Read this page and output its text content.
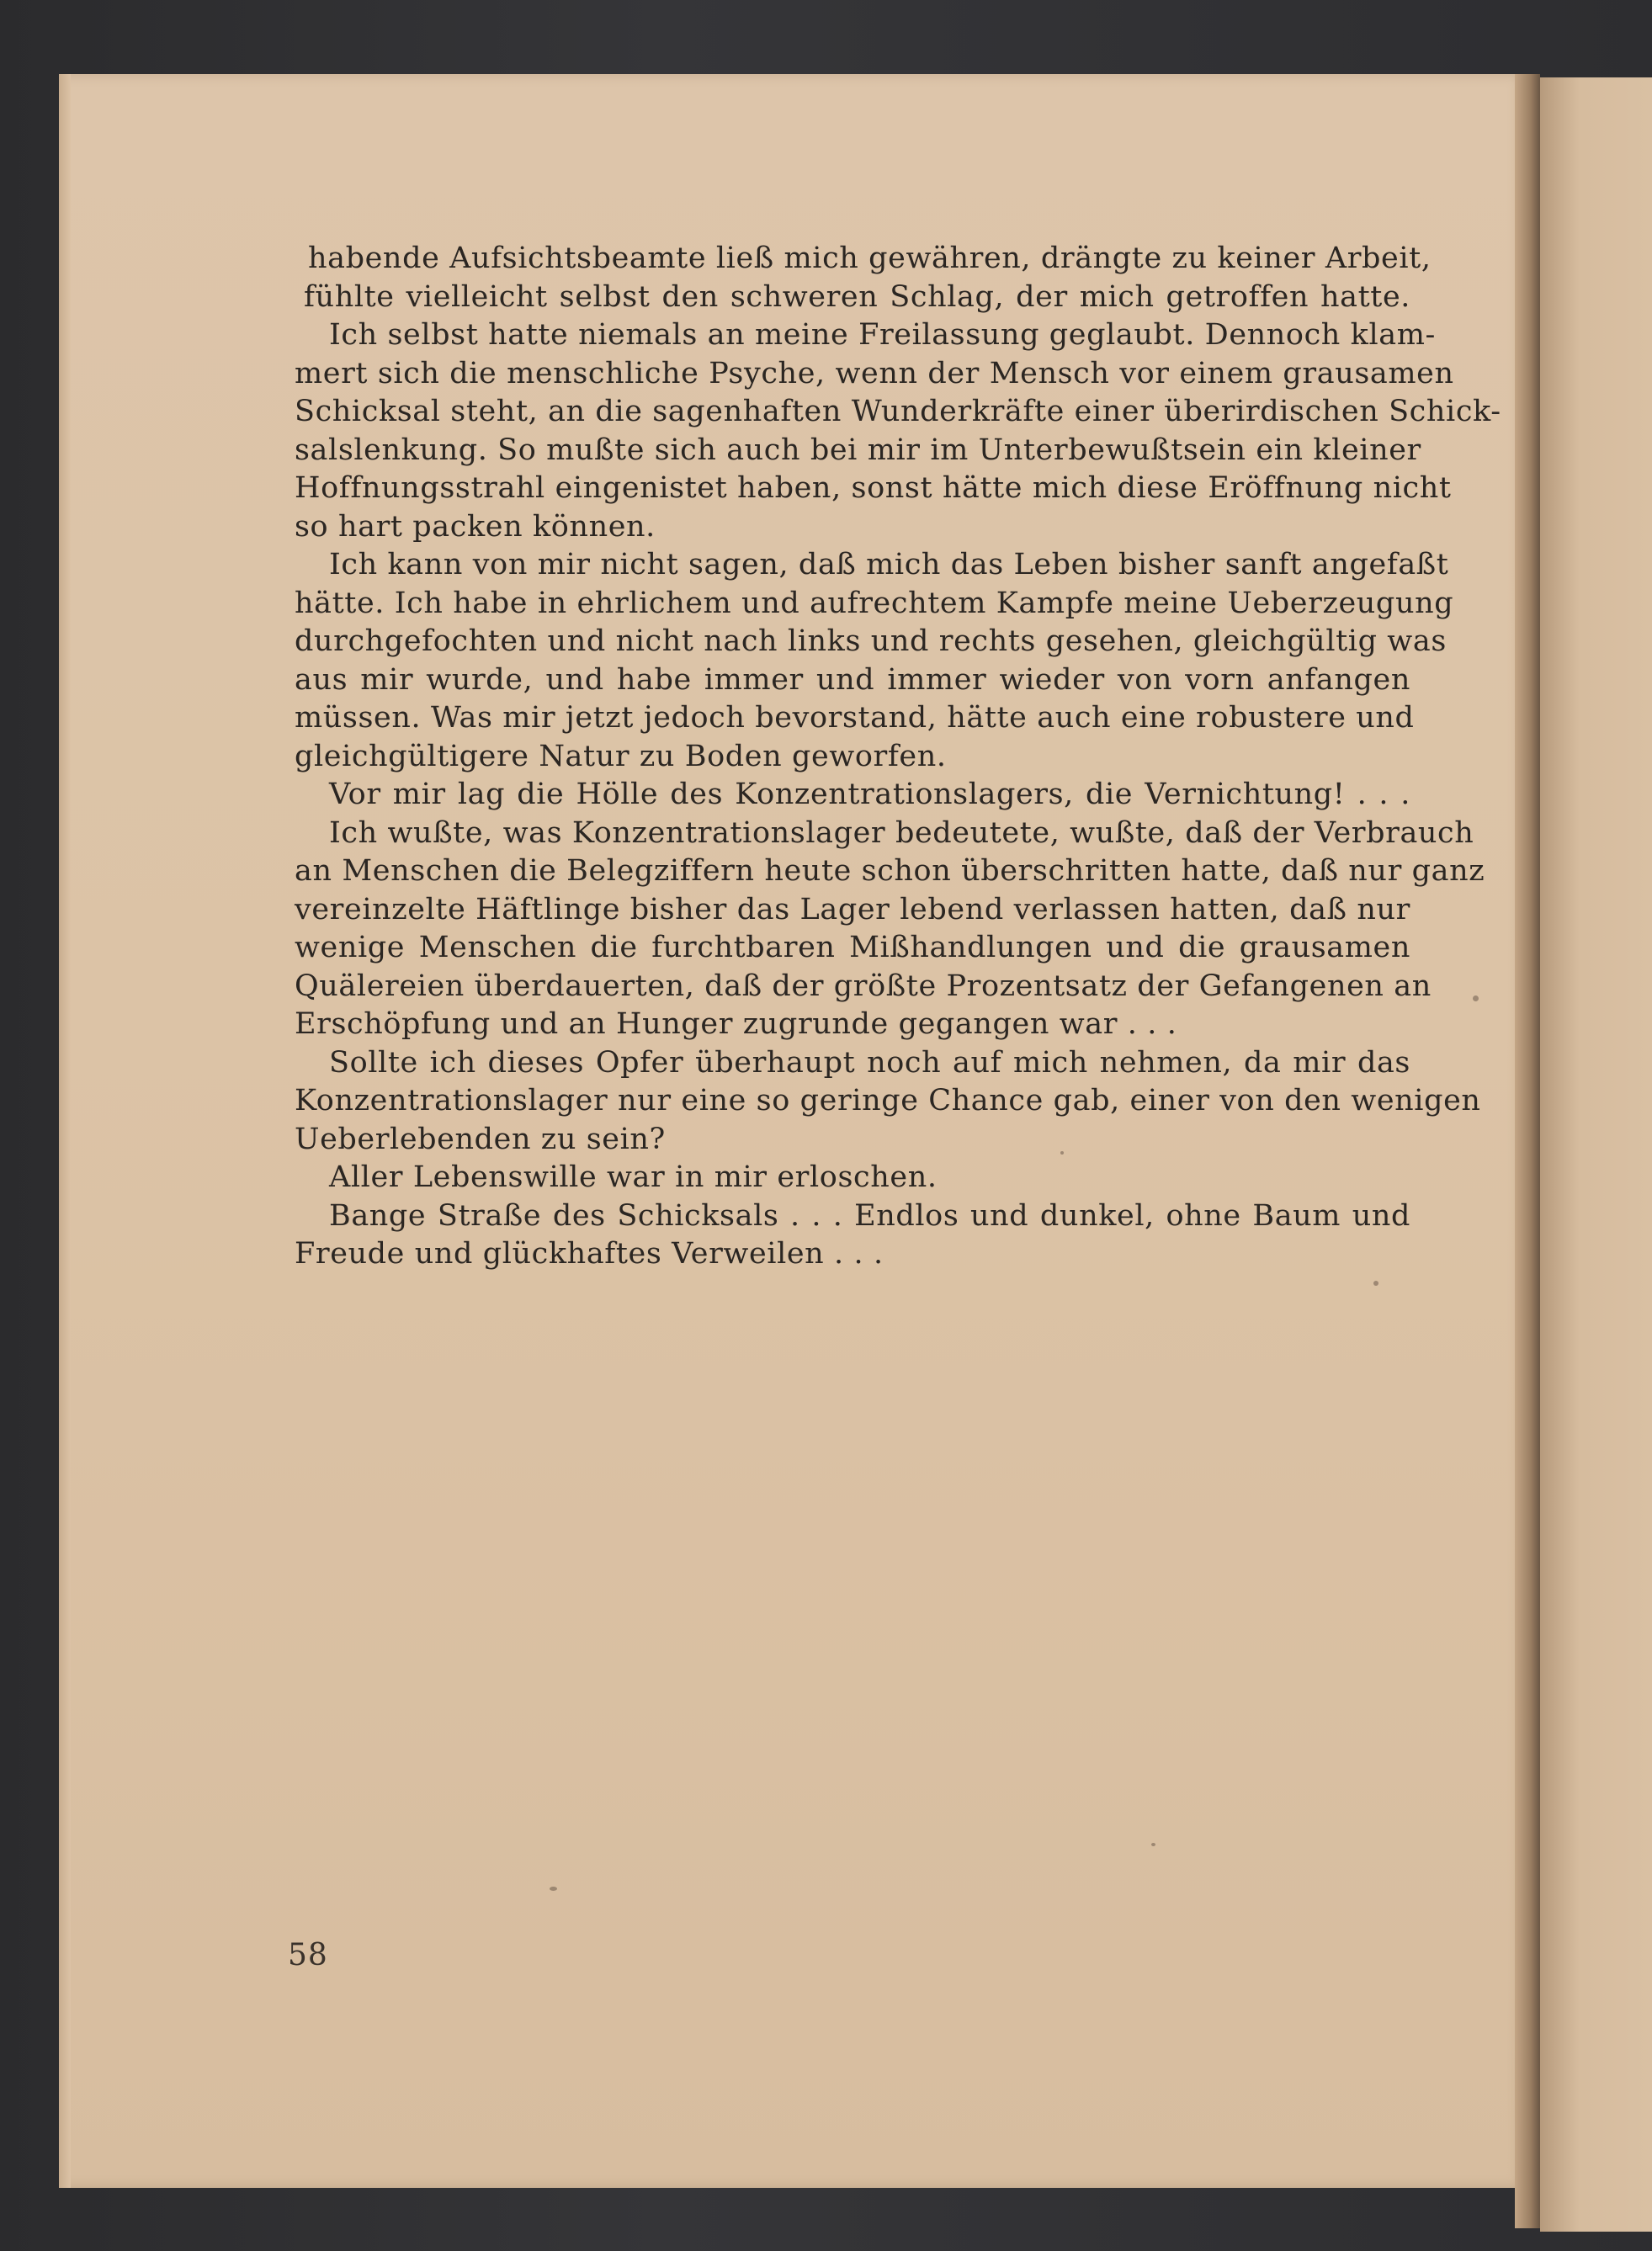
habende Aufsichtsbeamte ließ mich gewähren, drängte zu keiner Arbeit,
fühlte vielleicht selbst den schweren Schlag, der mich getroffen hatte.
Ich selbst hatte niemals an meine Freilassung geglaubt. Dennoch klam-
mert sich die menschliche Psyche, wenn der Mensch vor einem grausamen
Schicksal steht, an die sagenhaften Wunderkräfte einer überirdischen Schick-
salslenkung. So mußte sich auch bei mir im Unterbewußtsein ein kleiner
Hoffnungsstrahl eingenistet haben, sonst hätte mich diese Eröffnung nicht
so hart packen können.
Ich kann von mir nicht sagen, daß mich das Leben bisher sanft angefaßt
hätte. Ich habe in ehrlichem und aufrechtem Kampfe meine Ueberzeugung
durchgefochten und nicht nach links und rechts gesehen, gleichgültig was
aus mir wurde, und habe immer und immer wieder von vorn anfangen
müssen. Was mir jetzt jedoch bevorstand, hätte auch eine robustere und
gleichgültigere Natur zu Boden geworfen.
Vor mir lag die Hölle des Konzentrationslagers, die Vernichtung! . . .
Ich wußte, was Konzentrationslager bedeutete, wußte, daß der Verbrauch
an Menschen die Belegziffern heute schon überschritten hatte, daß nur ganz
vereinzelte Häftlinge bisher das Lager lebend verlassen hatten, daß nur
wenige Menschen die furchtbaren Mißhandlungen und die grausamen
Quälereien überdauerten, daß der größte Prozentsatz der Gefangenen an
Erschöpfung und an Hunger zugrunde gegangen war . . .
Sollte ich dieses Opfer überhaupt noch auf mich nehmen, da mir das
Konzentrationslager nur eine so geringe Chance gab, einer von den wenigen
Ueberlebenden zu sein?
Aller Lebenswille war in mir erloschen.
Bange Straße des Schicksals . . . Endlos und dunkel, ohne Baum und
Freude und glückhaftes Verweilen . . .
58
